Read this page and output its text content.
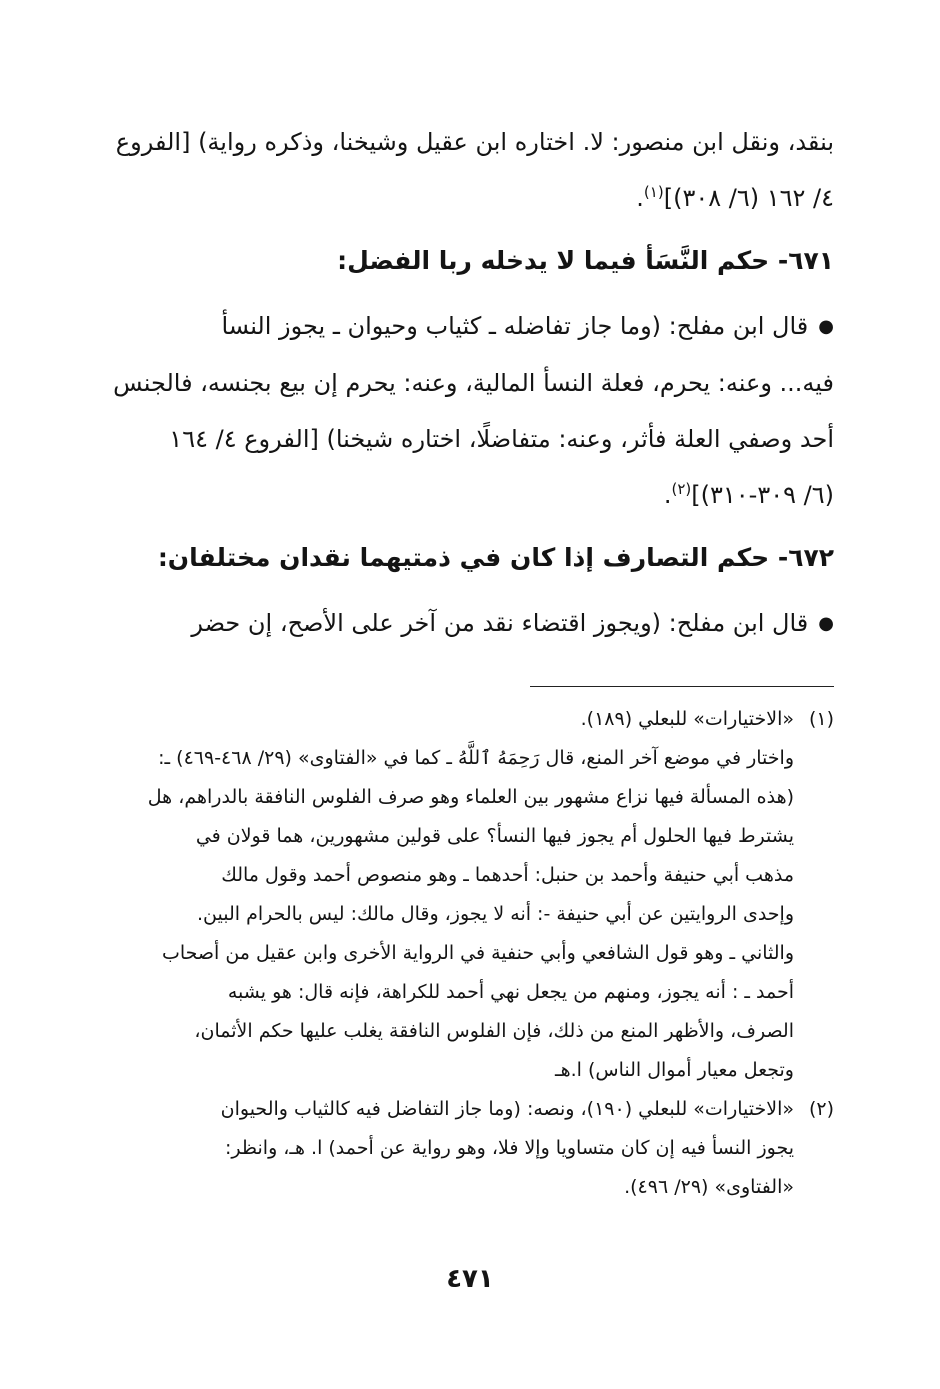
بنقد، ونقل ابن منصور: لا. اختاره ابن عقيل وشيخنا، وذكره رواية) [الفروع
٤/ ١٦٢ (٦/ ٣٠٨)]$^{(١)}$.

٦٧١- حكم النَّسَأ فيما لا يدخله ربا الفضل:

●قال ابن مفلح: (وما جاز تفاضله ـ كثياب وحيوان ـ يجوز النسأ
فيه... وعنه: يحرم، فعلة النسأ المالية، وعنه: يحرم إن بيع بجنسه، فالجنس
أحد وصفي العلة فأثر، وعنه: متفاضلًا، اختاره شيخنا) [الفروع ٤/ ١٦٤
(٦/ ٣٠٩-٣١٠)]$^{(٢)}$.

٦٧٢- حكم التصارف إذا كان في ذمتيهما نقدان مختلفان:

●قال ابن مفلح: (ويجوز اقتضاء نقد من آخر على الأصح، إن حضر

(١)
«الاختيارات» للبعلي (١٨٩).
واختار في موضع آخر المنع، قال رَحِمَهُ ٱللَّهُ ـ كما في «الفتاوى» (٢٩/ ٤٦٨-٤٦٩) ـ:
(هذه المسألة فيها نزاع مشهور بين العلماء وهو صرف الفلوس النافقة بالدراهم، هل
يشترط فيها الحلول أم يجوز فيها النسأ؟ على قولين مشهورين، هما قولان في
مذهب أبي حنيفة وأحمد بن حنبل: أحدهما ـ وهو منصوص أحمد وقول مالك
وإحدى الروايتين عن أبي حنيفة -: أنه لا يجوز، وقال مالك: ليس بالحرام البين.
والثاني ـ وهو قول الشافعي وأبي حنفية في الرواية الأخرى وابن عقيل من أصحاب
أحمد ـ : أنه يجوز، ومنهم من يجعل نهي أحمد للكراهة، فإنه قال: هو يشبه
الصرف، والأظهر المنع من ذلك، فإن الفلوس النافقة يغلب عليها حكم الأثمان،
وتجعل معيار أموال الناس) ا.هـ
(٢)
«الاختيارات» للبعلي (١٩٠)، ونصه: (وما جاز التفاضل فيه كالثياب والحيوان
يجوز النسأ فيه إن كان متساويا وإلا فلا، وهو رواية عن أحمد) ا. هـ، وانظر:
«الفتاوى» (٢٩/ ٤٩٦).
٤٧١
